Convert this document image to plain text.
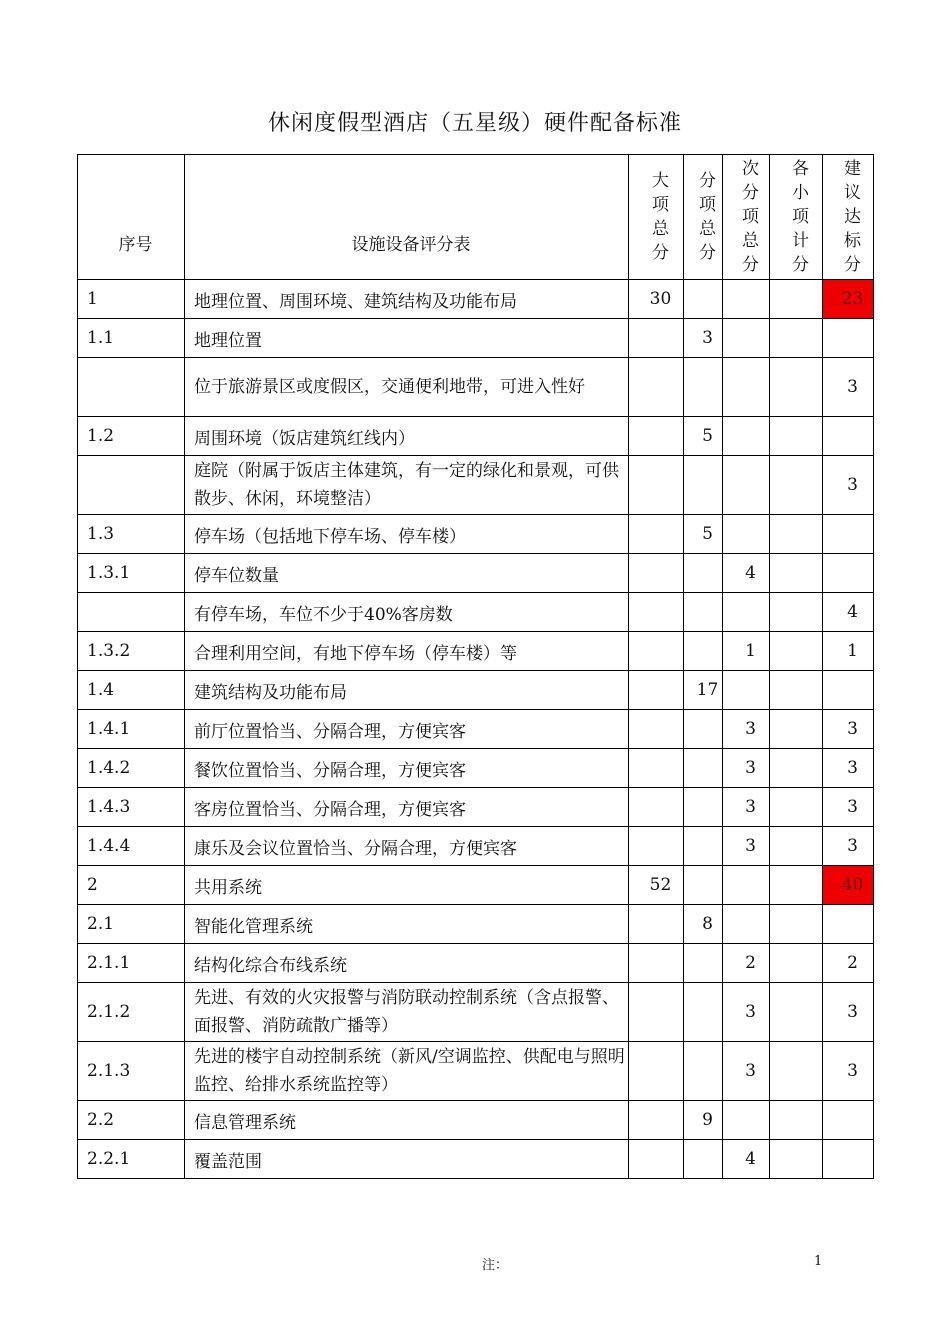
休闲度假型酒店（五星级）硬件配备标准
序号	设施设备评分表	大
项
总
分	分
项
总
分	次
分
项
总
分	各
小
项
计
分	建
议
达
标
分

1	地理位置、周围环境、建筑结构及功能布局	30				23
1.1	地理位置		3			
	位于旅游景区或度假区，交通便利地带，可进入性好					3
1.2	周围环境（饭店建筑红线内）		5			
	庭院（附属于饭店主体建筑，有一定的绿化和景观，可供散步、休闲，环境整洁）					3
1.3	停车场（包括地下停车场、停车楼）		5			
1.3.1	停车位数量			4		
	有停车场，车位不少于40%客房数					4
1.3.2	合理利用空间，有地下停车场（停车楼）等			1		1
1.4	建筑结构及功能布局		17			
1.4.1	前厅位置恰当、分隔合理，方便宾客			3		3
1.4.2	餐饮位置恰当、分隔合理，方便宾客			3		3
1.4.3	客房位置恰当、分隔合理，方便宾客			3		3
1.4.4	康乐及会议位置恰当、分隔合理，方便宾客			3		3
2	共用系统	52				40
2.1	智能化管理系统		8			
2.1.1	结构化综合布线系统			2		2
2.1.2	先进、有效的火灾报警与消防联动控制系统（含点报警、面报警、消防疏散广播等）			3		3
2.1.3	先进的楼宇自动控制系统（新风/空调监控、供配电与照明监控、给排水系统监控等）			3		3
2.2	信息管理系统		9			
2.2.1	覆盖范围			4		
注：	1
